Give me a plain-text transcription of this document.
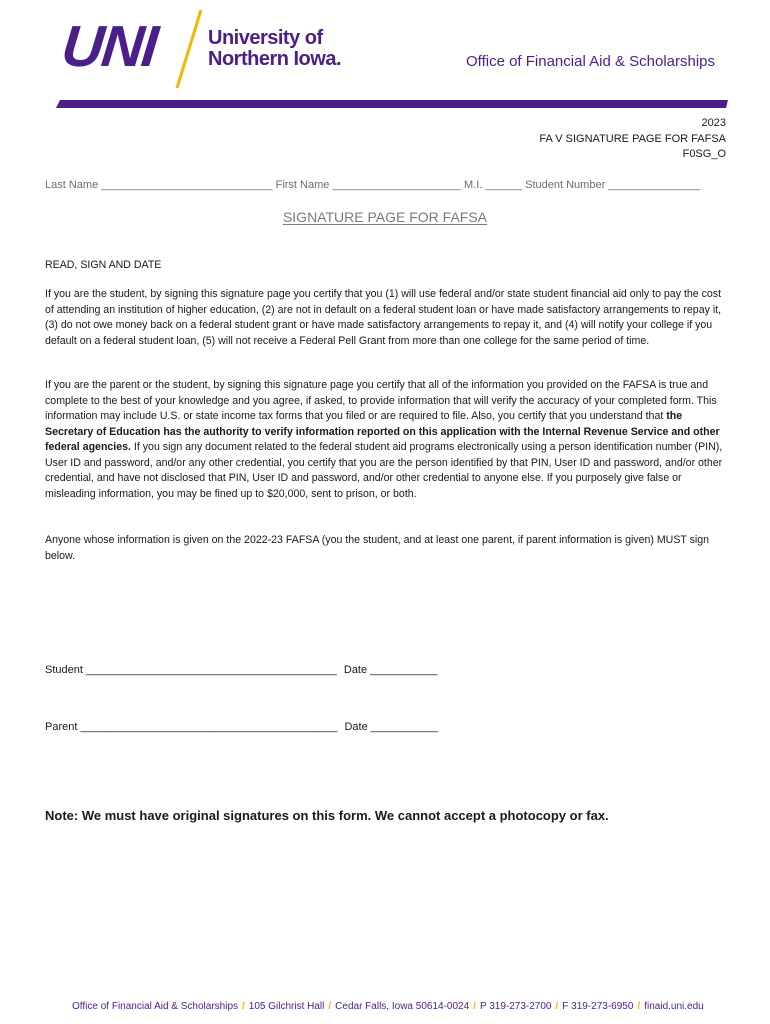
UNI	University of
Northern Iowa.	Office of Financial Aid & Scholarships
2023
FA V SIGNATURE PAGE FOR FAFSA
F0SG_O
Last Name ____________________________ First Name _____________________ M.I. ______ Student Number _______________
SIGNATURE PAGE FOR FAFSA
READ, SIGN AND DATE

If you are the student, by signing this signature page you certify that you (1) will use federal and/or state student financial aid only to pay the cost of attending an institution of higher education, (2) are not in default on a federal student loan or have made satisfactory arrangements to repay it, (3) do not owe money back on a federal student grant or have made satisfactory arrangements to repay it, and (4) will notify your college if you default on a federal student loan, (5) will not receive a Federal Pell Grant from more than one college for the same period of time.

If you are the parent or the student, by signing this signature page you certify that all of the information you provided on the FAFSA is true and complete to the best of your knowledge and you agree, if asked, to provide information that will verify the accuracy of your completed form. This information may include U.S. or state income tax forms that you filed or are required to file. Also, you certify that you understand that the Secretary of Education has the authority to verify information reported on this application with the Internal Revenue Service and other federal agencies. If you sign any document related to the federal student aid programs electronically using a person identification number (PIN), User ID and password, and/or any other credential, you certify that you are the person identified by that PIN, User ID and password, and/or other credential, and have not disclosed that PIN, User ID and password, and/or other credential to anyone else. If you purposely give false or misleading information, you may be fined up to $20,000, sent to prison, or both.

Anyone whose information is given on the 2022-23 FAFSA (you the student, and at least one parent, if parent information is given) MUST sign below.

Student _________________________________________ Date ___________
Parent __________________________________________ Date ___________
Note: We must have original signatures on this form. We cannot accept a photocopy or fax.
Office of Financial Aid & Scholarships / 105 Gilchrist Hall / Cedar Falls, Iowa 50614-0024 / P 319-273-2700 / F 319-273-6950 / finaid.uni.edu
